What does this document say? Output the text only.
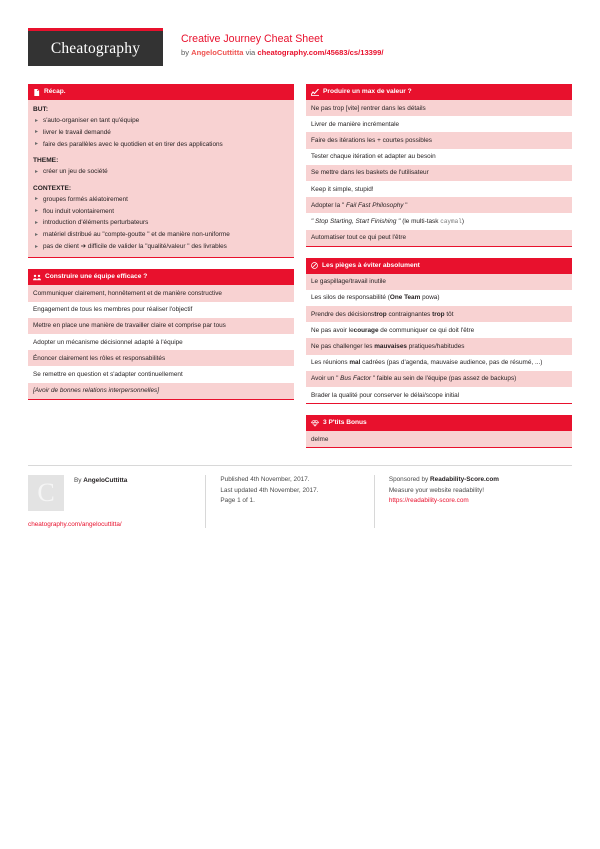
Cheatography
Creative Journey Cheat Sheet
by AngeloCuttitta via cheatography.com/45683/cs/13399/
Récap.
BUT:
▸ s'auto-organiser en tant qu'équipe
▸ livrer le travail demandé
▸ faire des parallèles avec le quotidien et en tirer des applications
THEME:
▸ créer un jeu de société
CONTEXTE:
▸ groupes formés aléatoirement
▸ flou induit volontairement
▸ introduction d'éléments perturbateurs
▸ matériel distribué au "compte-goutte " et de manière non-uniforme
▸ pas de client ➔ difficile de valider la "qualité/valeur " des livrables
Construire une équipe efficace ?
Communiquer clairement, honnêtement et de manière constructive
Engagement de tous les membres pour réaliser l'objectif
Mettre en place une manière de travailler claire et comprise par tous
Adopter un mécanisme décisionnel adapté à l'équipe
Énoncer clairement les rôles et responsabilités
Se remettre en question et s'adapter continuellement
[Avoir de bonnes relations interpersonnelles]
Produire un max de valeur ?
Ne pas trop [vite] rentrer dans les détails
Livrer de manière incrémentale
Faire des itérations les + courtes possibles
Tester chaque itération et adapter au besoin
Se mettre dans les baskets de l'utilisateur
Keep it simple, stupid!
Adopter la " Fail Fast Philosophy "
" Stop Starting, Start Finishing " (le multi-task caymal)
Automatiser tout ce qui peut l'être
Les pièges à éviter absolument
Le gaspillage/travail inutile
Les silos de responsabilité (One Team powa)
Prendre des décisionstrop contraignantes trop tôt
Ne pas avoir lecourage de communiquer ce qui doit l'être
Ne pas challenger les mauvaises pratiques/habitudes
Les réunions mal cadrées (pas d'agenda, mauvaise audience, pas de résumé, ...)
Avoir un " Bus Factor " faible au sein de l'équipe (pas assez de backups)
Brader la qualité pour conserver le délai/scope initial
3 P'tits Bonus
delme
C	By AngeloCuttitta
cheatography.com/angelocuttitta/
Published 4th November, 2017.
Last updated 4th November, 2017.
Page 1 of 1.
Sponsored by Readability-Score.com
Measure your website readability!
https://readability-score.com
